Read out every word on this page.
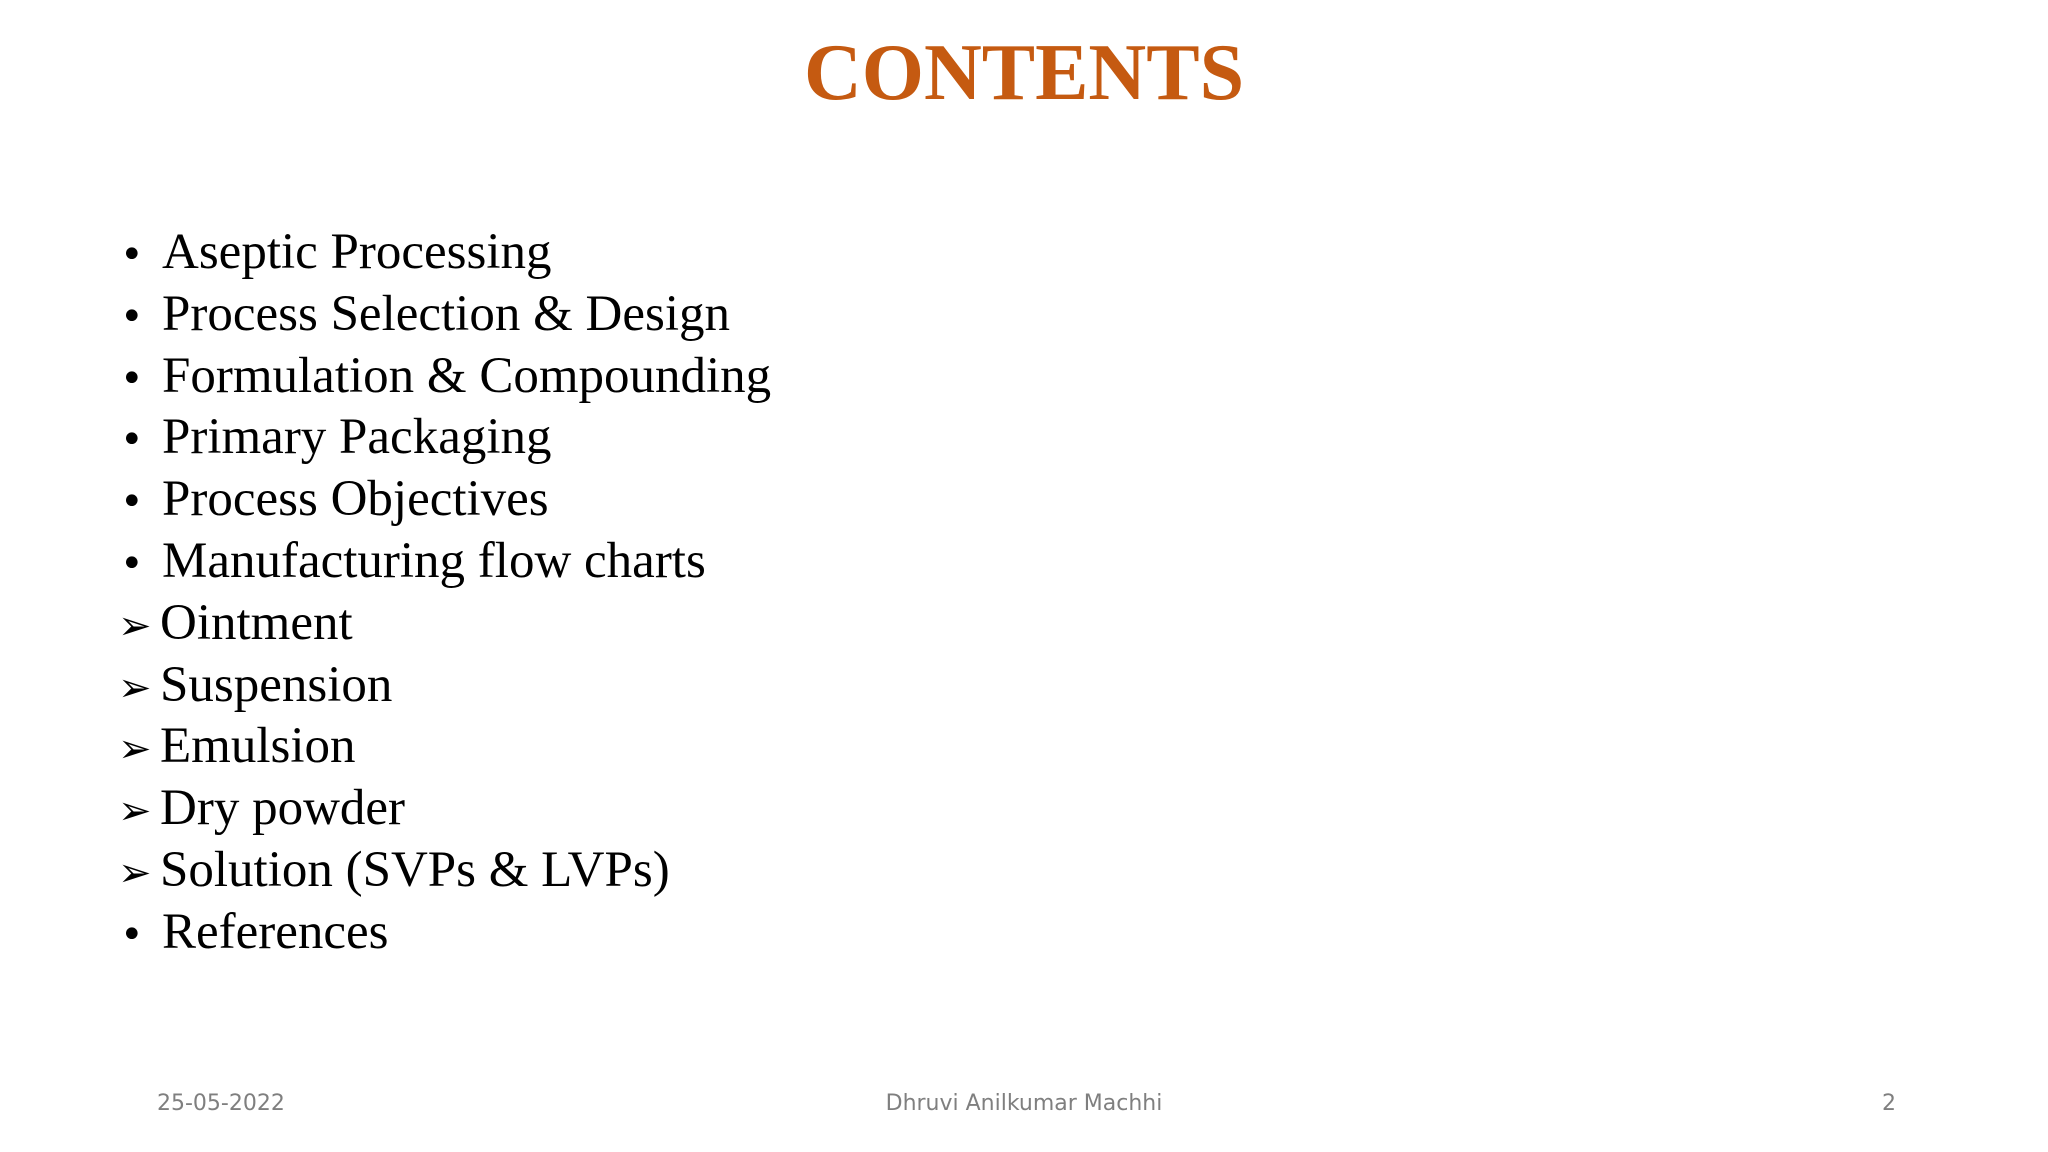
CONTENTS
• Aseptic Processing
• Process Selection & Design
• Formulation & Compounding
• Primary Packaging
• Process Objectives
• Manufacturing flow charts
➢ Ointment
➢ Suspension
➢ Emulsion
➢ Dry powder
➢ Solution (SVPs & LVPs)
• References

25-05-2022	Dhruvi Anilkumar Machhi	2
